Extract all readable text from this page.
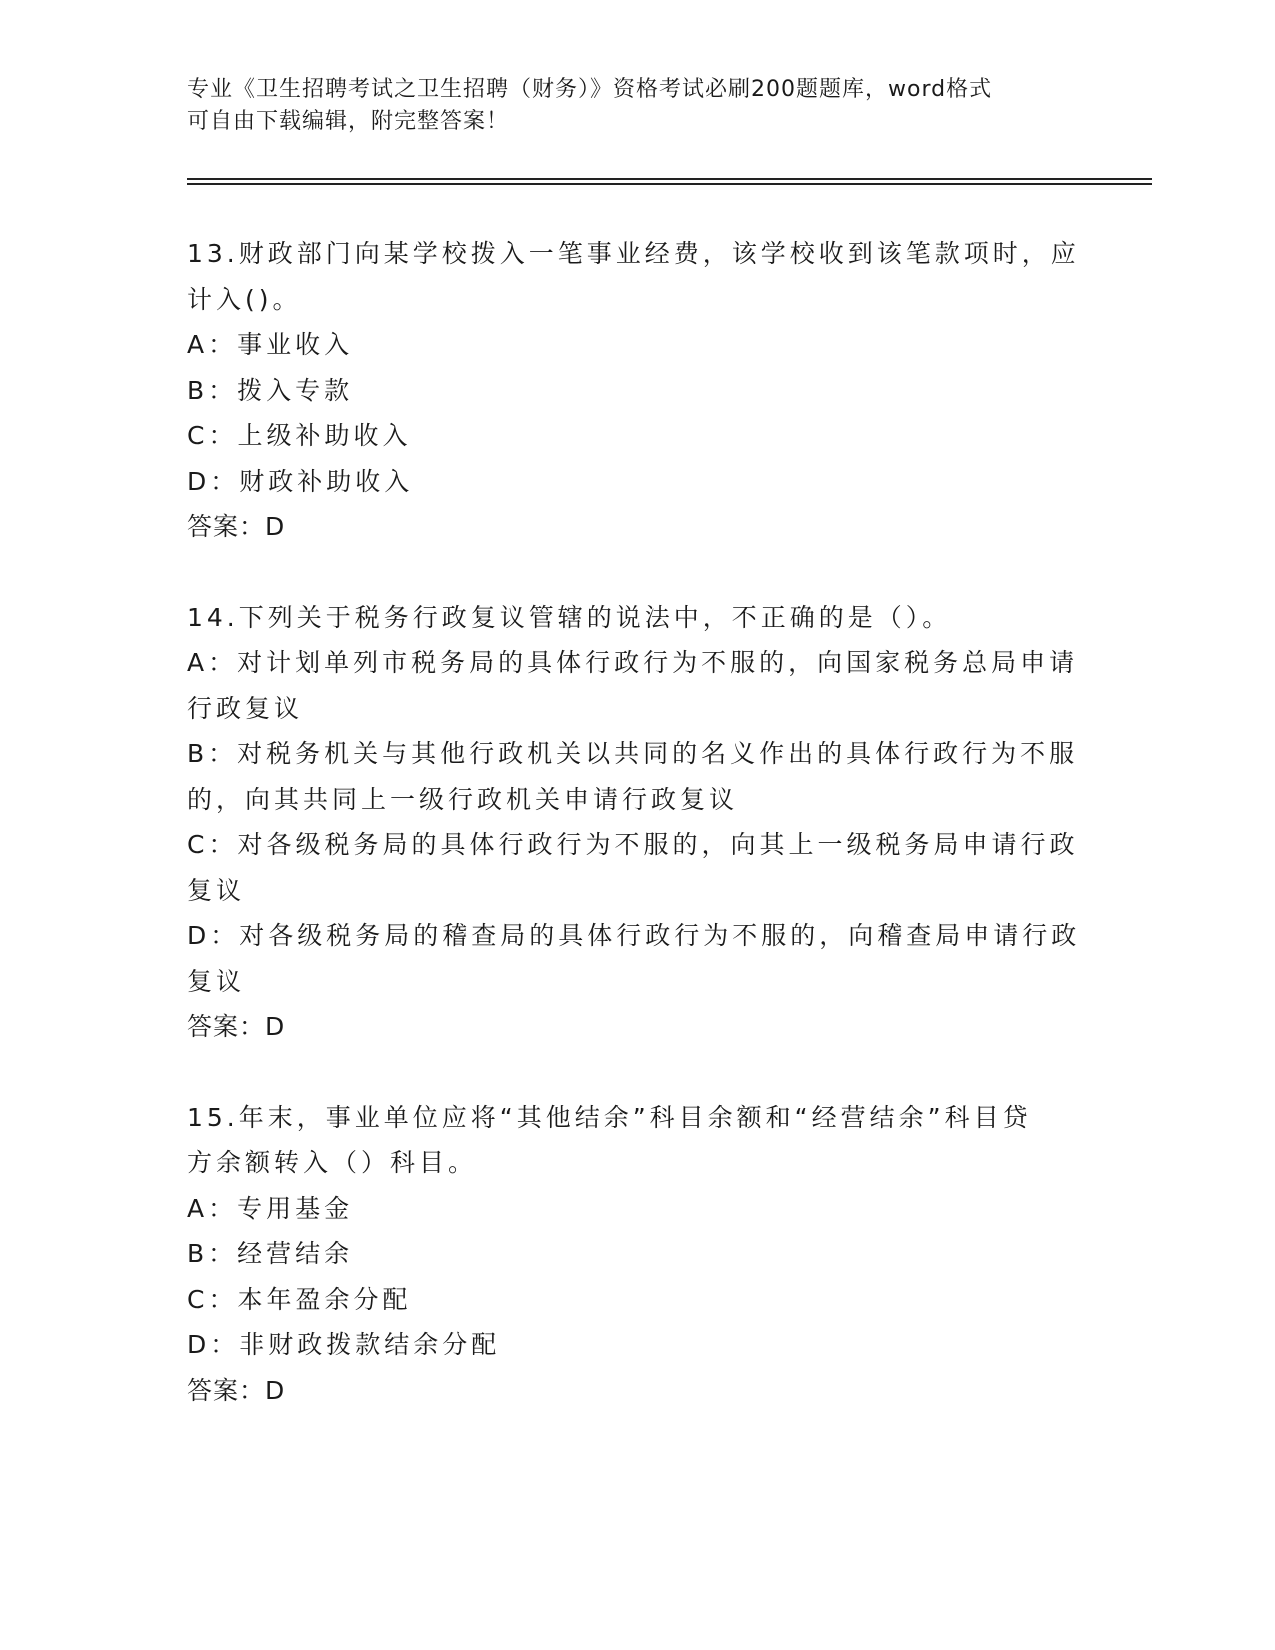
专业《卫生招聘考试之卫生招聘（财务）》资格考试必刷200题题库，word格式
可自由下载编辑，附完整答案！
13.财政部门向某学校拨入一笔事业经费，该学校收到该笔款项时，应
计入()。
A：事业收入
B：拨入专款
C：上级补助收入
D：财政补助收入
答案：D
14.下列关于税务行政复议管辖的说法中，不正确的是（）。
A：对计划单列市税务局的具体行政行为不服的，向国家税务总局申请
行政复议
B：对税务机关与其他行政机关以共同的名义作出的具体行政行为不服
的，向其共同上一级行政机关申请行政复议
C：对各级税务局的具体行政行为不服的，向其上一级税务局申请行政
复议
D：对各级税务局的稽查局的具体行政行为不服的，向稽查局申请行政
复议
答案：D
15.年末，事业单位应将“其他结余”科目余额和“经营结余”科目贷
方余额转入（）科目。
A：专用基金
B：经营结余
C：本年盈余分配
D：非财政拨款结余分配
答案：D
